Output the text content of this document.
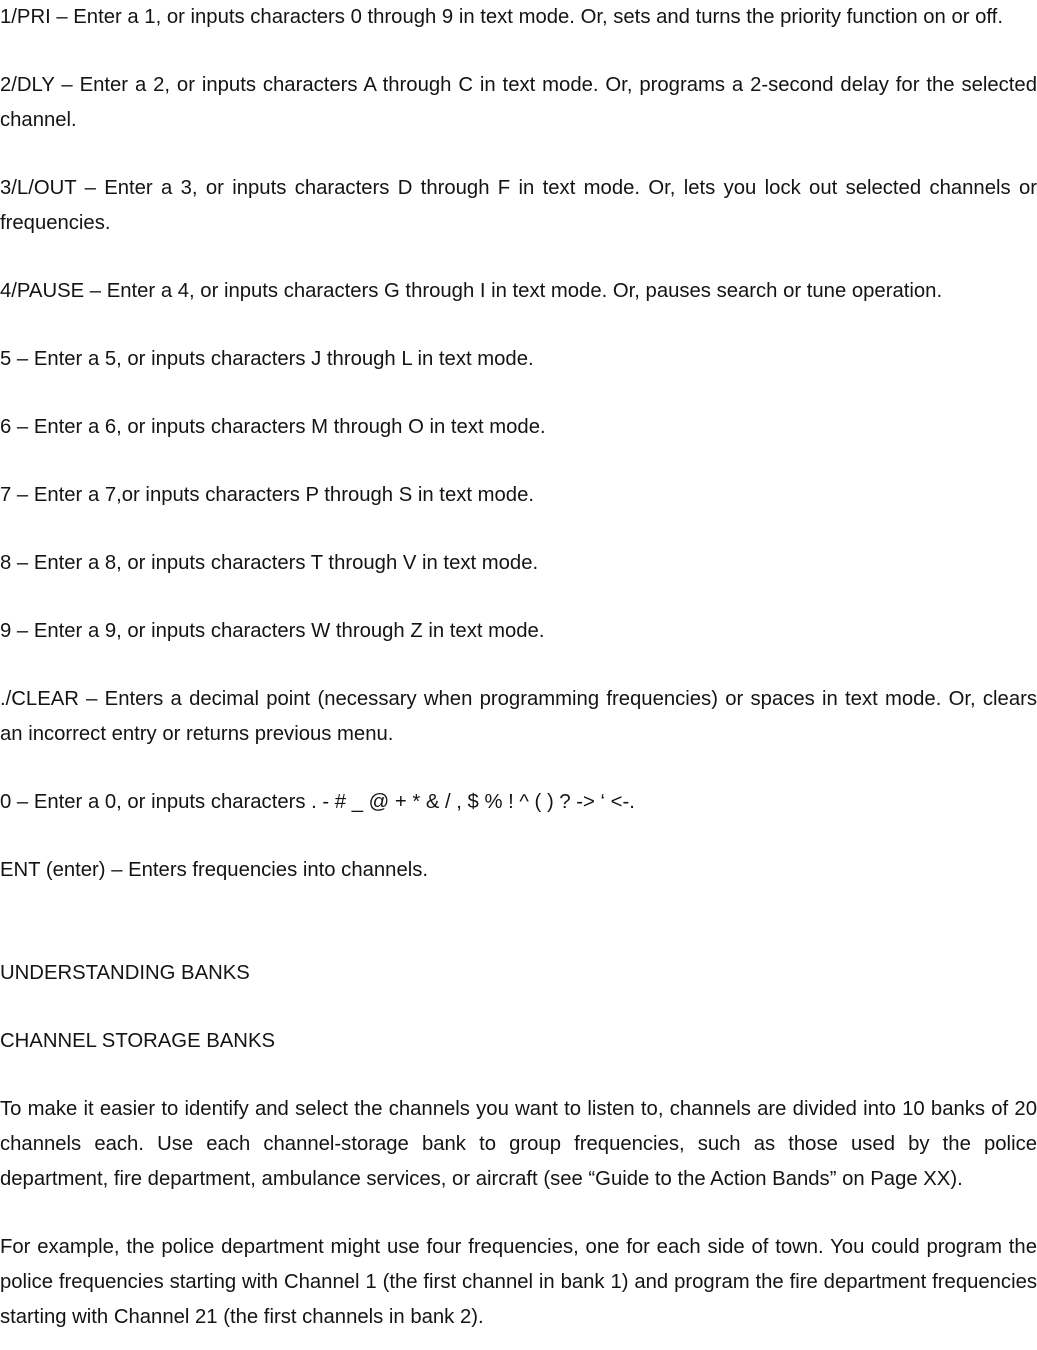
1/PRI – Enter a 1, or inputs characters 0 through 9 in text mode. Or, sets and turns the priority function on or off.

2/DLY – Enter a 2, or inputs characters A through C in text mode. Or, programs a 2-second delay for the selected channel.

3/L/OUT – Enter a 3, or inputs characters D through F in text mode. Or, lets you lock out selected channels or frequencies.

4/PAUSE – Enter a 4, or inputs characters G through I in text mode. Or, pauses search or tune operation.

5 – Enter a 5, or inputs characters J through L in text mode.

6 – Enter a 6, or inputs characters M through O in text mode.

7 – Enter a 7,or inputs characters P through S in text mode.

8 – Enter a 8, or inputs characters T through V in text mode.

9 – Enter a 9, or inputs characters W through Z in text mode.

./CLEAR – Enters a decimal point (necessary when programming frequencies) or spaces in text mode. Or, clears an incorrect entry or returns previous menu.

0 – Enter a 0, or inputs characters . - # _ @ + * & / , $ % ! ^ ( ) ? -> ‘ <-.

ENT (enter) – Enters frequencies into channels.

UNDERSTANDING BANKS

CHANNEL STORAGE BANKS

To make it easier to identify and select the channels you want to listen to, channels are divided into 10 banks of 20 channels each. Use each channel-storage bank to group frequencies, such as those used by the police department, fire department, ambulance services, or aircraft (see “Guide to the Action Bands” on Page XX).

For example, the police department might use four frequencies, one for each side of town. You could program the police frequencies starting with Channel 1 (the first channel in bank 1) and program the fire department frequencies starting with Channel 21 (the first channels in bank 2).
